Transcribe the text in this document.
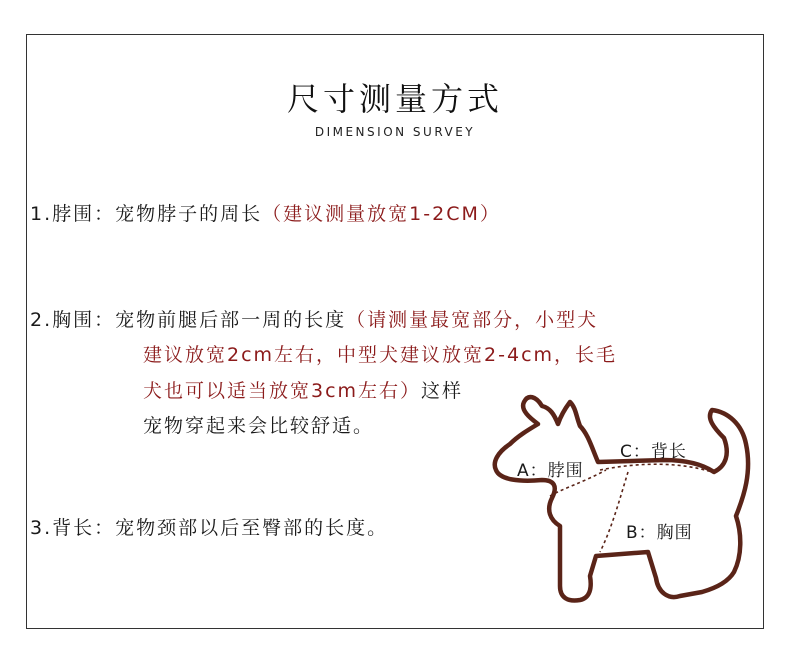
尺寸测量方式
DIMENSION SURVEY
1.脖围：宠物脖子的周长（建议测量放宽1-2CM）
2.胸围：宠物前腿后部一周的长度（请测量最宽部分，小型犬
建议放宽2cm左右，中型犬建议放宽2-4cm，长毛
犬也可以适当放宽3cm左右）这样
宠物穿起来会比较舒适。
3.背长：宠物颈部以后至臀部的长度。
A：脖围
B：胸围
C：背长
